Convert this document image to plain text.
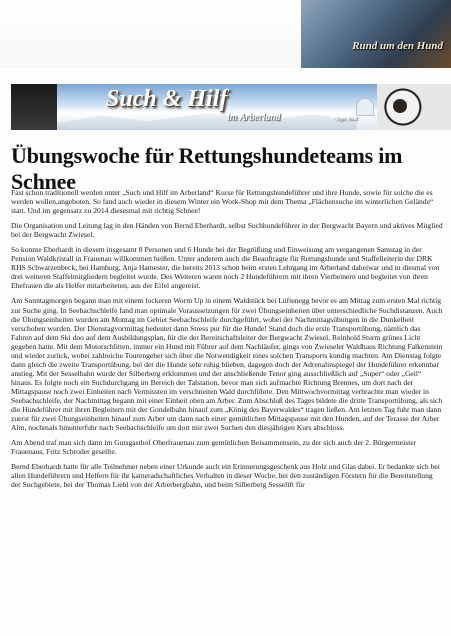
Rund um den Hund
Such & Hilf
im Arberland	- Jiger, Wolf
Übungswoche für Rettungshundeteams im Schnee

Fast schon traditionell werden unter „Such und Hilf im Arberland“ Kurse für Rettungshundeführer und ihre Hunde, sowie für solche die es werden wollen,angeboten. So fand auch wieder in diesem Winter ein Work-Shop mit dem Thema „Flächensuche im winterlichen Gelände“ statt. Und im gegensatz zu 2014 diesesmal mit richtig Schnee!

Die Organisation und Leitung lag in den Händen von Bernd Eberhardt, selbst Suchhundeführer in der Bergwacht Bayern und aktives Mitglied bei der Bergwacht Zwiesel.

So konnte Eberhardt in diesem insgesamt 8 Personen und 6 Hunde bei der Begrüßung und Einweisung am vergangenen Samstag in der Pension Waldkristall in Frauenau willkommen heißen. Unter anderem auch die Beauftragte für Rettungshunde und Staffelleiterin der DRK RHS Schwarzenbeck, bei Hamburg, Anja Hamester, die bereits 2013 schon beim ersten Lehrgang im Arberland dabeiwar und in diesmal von drei weiteren Staffelmitgliedern begleitet wurde. Des Weiteren waren noch 2 Hundeführern mit ihren Vierbeinern und begleitet von ihren Ehefrauen die als Helfer mitarbeiteten, aus der Eifel angereist.

Am Sonntagmorgen begann man mit einem lockeren Worm Up in einem Waldstück bei Lüftenegg bevor es am Mittag zum ersten Mal richtig zur Suche ging. In Seebachschleife fand man optimale Voraussetzungen für zwei Übungseinheiten über unterschiedliche Suchdistanzen. Auch die Übungseinheiten wurden am Montag im Gebiet Seebachschleife durchgeführt, wobei der Nachmittagsübungen in die Dunkelheit verschoben wurden. Der Dienstagvormittag bedeutet dann Stress pur für die Hunde! Stand doch die erste Transportübung, nämlich das Fahren auf dem Ski doo auf dem Ausbildungsplan, für die der Bereitschaftsleiter der Bergwacht Zwiesel, Reinhold Sturm grünes Licht gegeben hatte. Mit dem Motorschlitten, immer ein Hund mit Führer auf dem Nachläufer, gings von Zwieseler Waldhaus Richtung Falkenstein und wieder zurück, wobei zahlreiche Tourengeher sich über die Notwendigkeit eines solchen Transports kundig machten. Am Dienstag folgte dann gleich die zweite Transportübung, bei der die Hunde sehr ruhig blieben, dagegen doch der Adrenalinspiegel der Hundeführer erkennbar anstieg. Mit der Sesselbahn wurde der Silberberg erklommen und der anschließende Tenor ging ausschließlich auf „Super“ oder „Geil“ hinaus. Es folgte noch ein Suchdurchgang im Bereich der Talstation, bevor man sich aufmachte Richtung Brennes, um dort nach der Mittagspause noch zwei Einheiten nach Vermissten im verschneiten Wald durchführte. Den Mittwochvormittag verbrachte man wieder in Seebachschleife, der Nachmittag begann mit einer Einheit oben am Arber. Zum Abschluß des Tages bildete die dritte Transportübung, als sich die Hundeführer mit ihren Begleitern mit der Gondelbahn hinauf zum „König des Bayerwaldes“ tragen ließen. Am letzten Tag fuhr man dann zuerst für zwei Übungseinheiten hinauf zum Arber um dann nach einer gemütlichen Mittagspause mit den Hunden, auf der Terasse der Arber Alm, nochmals hinunterfuhr nach Seebachschleife um dort mir zwei Suchen den diesjährigen Kurs abschloss.

Am Abend traf man sich dann im Gutsgasthof Oberfrauenau zum gemütlichen Beisammensein, zu der sich auch der 2. Bürgermeister Frauenaus, Fritz Schroder gesellte.

Bernd Eberhardt hatte für alle Teilnehmer neben einer Urkunde auch ein Erinnerungsgeschenk aus Holz und Glas dabei. Er bedankte sich bei allen Hundeführern und Helfern für ihr kameradschaftliches Verhalten in dieser Woche, bei den zuständigen Förstern für die Bereitstellung der Suchgebiete, bei der Thomas Liebl von der Arberbergbahn, und beim Silberberg Sesselift für
